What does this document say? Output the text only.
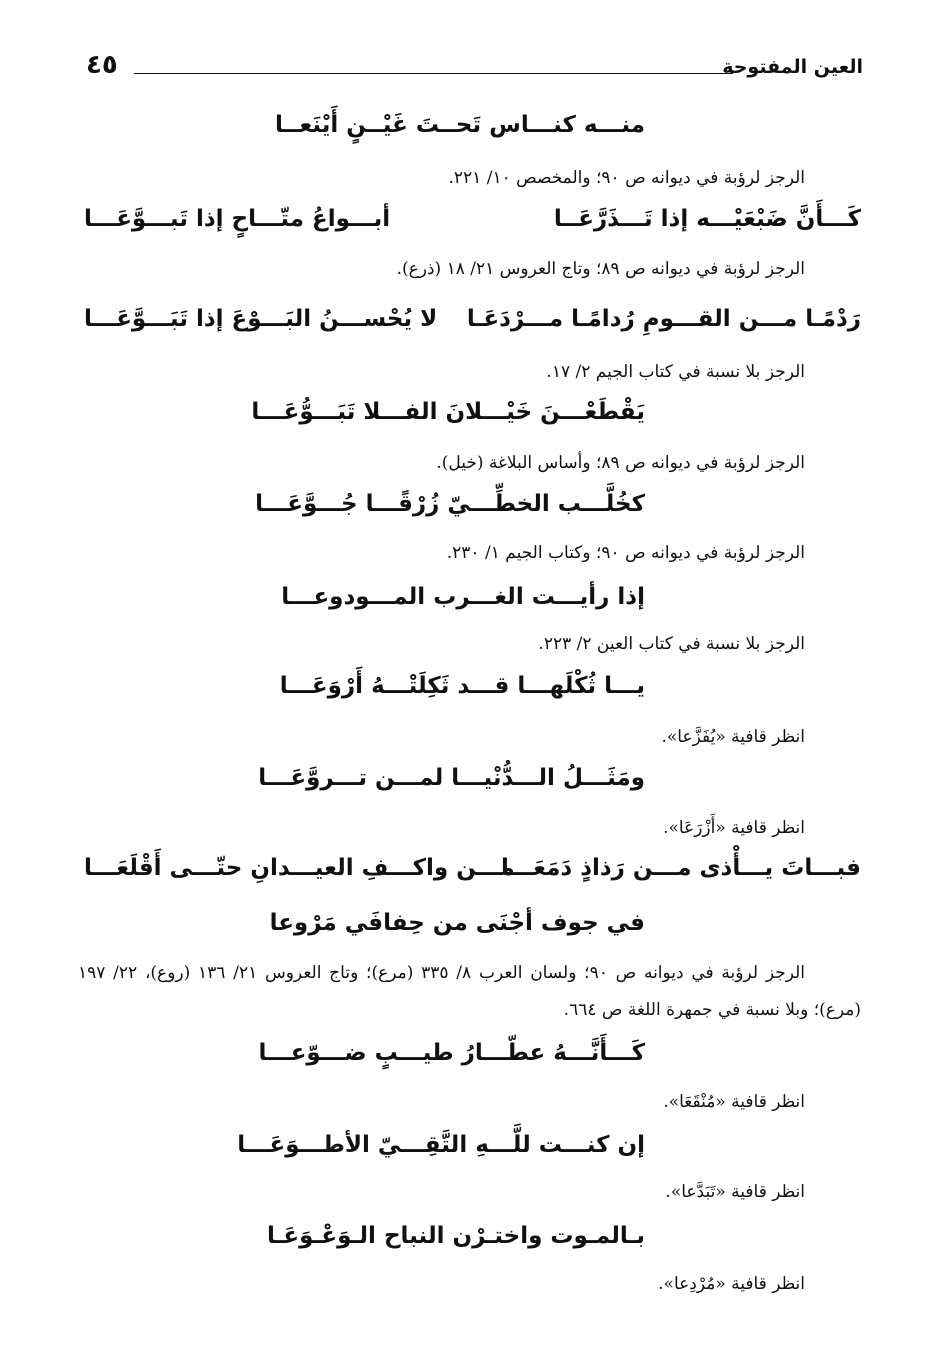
العين المفتوحة
٤٥
منـــه كنـــاس تَحــتَ غَيْــنٍ أَيْنَعــا
الرجز لرؤبة في ديوانه ص ٩٠؛ والمخصص ١٠/ ٢٢١.
كَـــأَنَّ ضَبْعَيْـــه إذا تَـــذَرَّعَــا
أبـــواعُ متّـــاحٍ إذا تَبـــوَّعَـــا
الرجز لرؤبة في ديوانه ص ٨٩؛ وتاج العروس ٢١/ ١٨ (ذرع).
رَدْمًـا مـــن القـــومِ رُدامًـا مـــرْدَعَـا
لا يُحْســـنُ البَـــوْعَ إذا تَبَـــوَّعَـــا
الرجز بلا نسبة في كتاب الجيم ٢/ ١٧.
يَقْطَعْـــنَ خَيْـــلانَ الفـــلا تَبَـــوُّعَـــا
الرجز لرؤبة في ديوانه ص ٨٩؛ وأساس البلاغة (خيل).
كخُلَّـــب الخطِّـــيّ زُرْقًـــا جُـــوَّعَـــا
الرجز لرؤبة في ديوانه ص ٩٠؛ وكتاب الجيم ١/ ٢٣٠.
إذا رأيـــت الغـــرب المـــودوعـــا
الرجز بلا نسبة في كتاب العين ٢/ ٢٢٣.
يـــا ثُكْلَهـــا قـــد ثَكِلَتْـــهُ أَرْوَعَـــا
انظر قافية «يُفَزَّعا».
ومَثَـــلُ الـــدُّنْيـــا لمـــن تـــروَّعَـــا
انظر قافية «أَزْرَعَا».
فبـــاتَ يـــأْذى مـــن رَذاذٍ دَمَعَـــا
مـــن واكـــفِ العيـــدانِ حتّـــى أَقْلَعَـــا
في جوف أجْنَى من حِفافَي مَرْوعا
الرجز لرؤبة في ديوانه ص ٩٠؛ ولسان العرب ٨/ ٣٣٥ (مرع)؛ وتاج العروس ٢١/ ١٣٦ (روع)، ٢٢/ ١٩٧ (مرع)؛ وبلا نسبة في جمهرة اللغة ص ٦٦٤.
كَـــأَنَّـــهُ عطّـــارُ طيـــبٍ ضـــوّعـــا
انظر قافية «مُنْقَعَا».
إن كنـــت للَّـــهِ التَّقِـــيّ الأطـــوَعَـــا
انظر قافية «تَبَدَّعا».
بـالمـوت واختـرْن النباح الـوَعْـوَعَـا
انظر قافية «مُرْدِعا».
